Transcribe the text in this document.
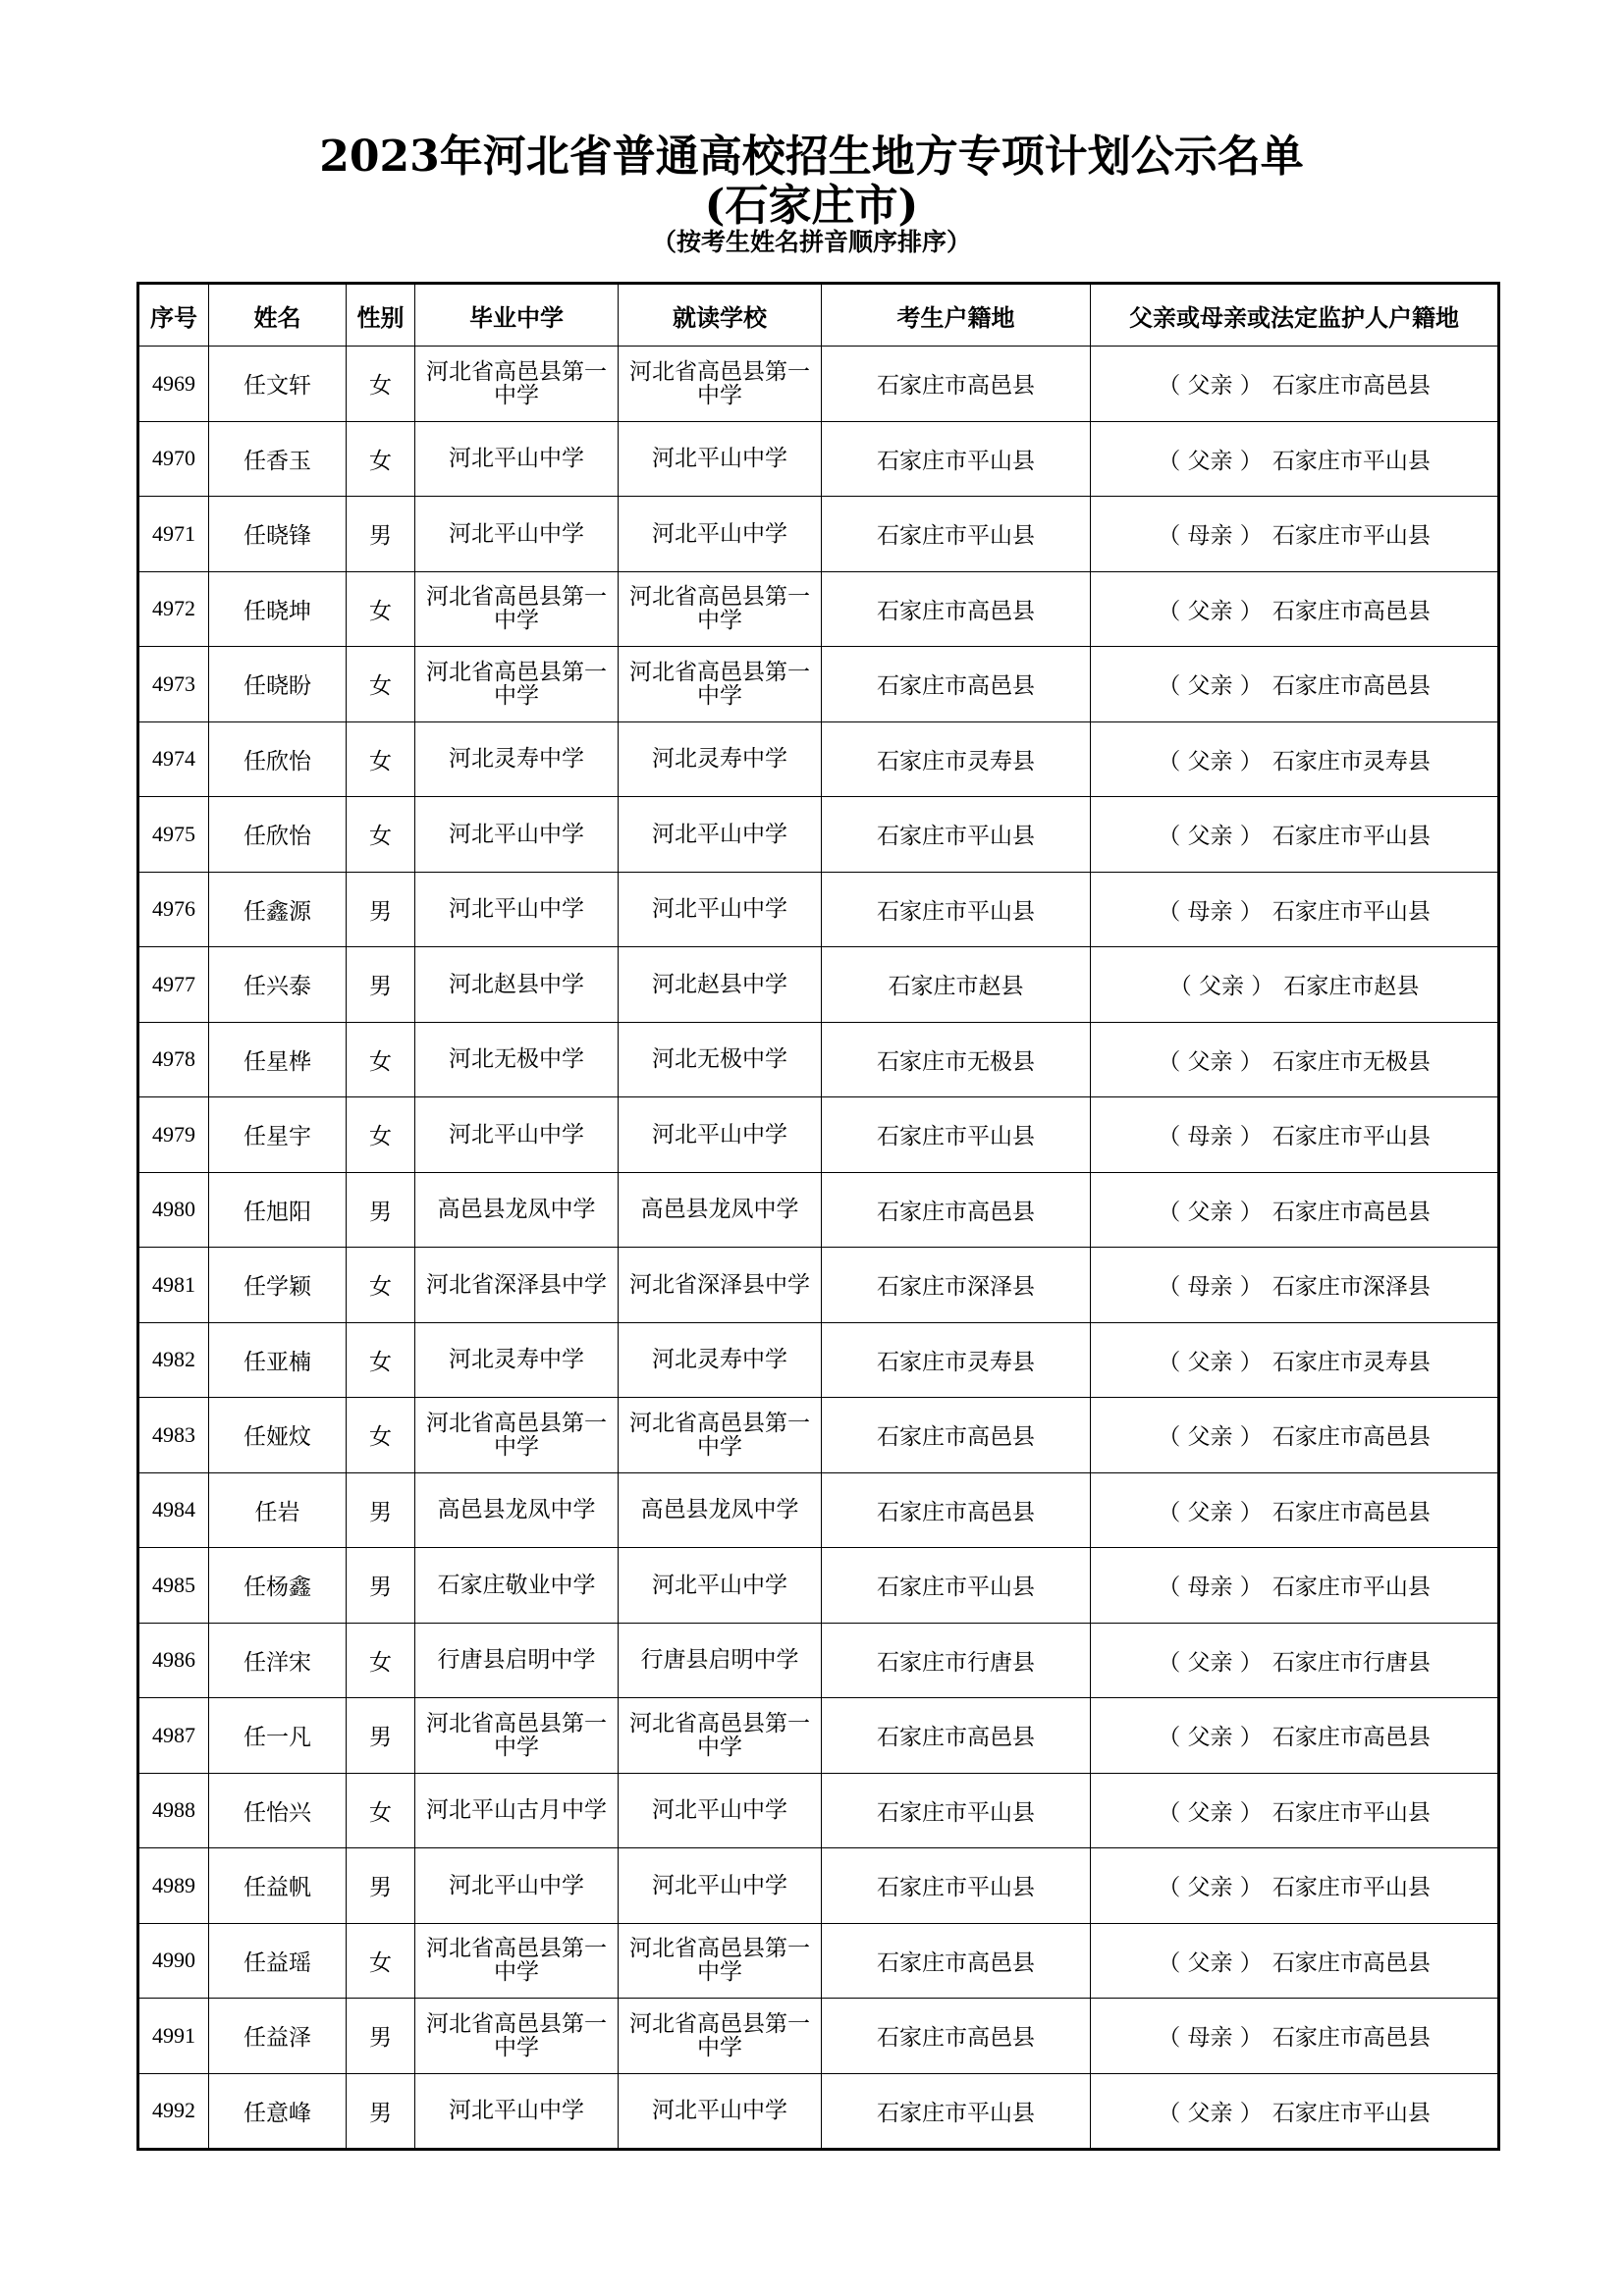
2023年河北省普通高校招生地方专项计划公示名单
(石家庄市)
（按考生姓名拼音顺序排序）
序号	姓名	性别	毕业中学	就读学校	考生户籍地	父亲或母亲或法定监护人户籍地
4969	任文轩	女	河北省高邑县第一中学	河北省高邑县第一中学	石家庄市高邑县	（ 父亲 ） 石家庄市高邑县
4970	任香玉	女	河北平山中学	河北平山中学	石家庄市平山县	（ 父亲 ） 石家庄市平山县
4971	任晓锋	男	河北平山中学	河北平山中学	石家庄市平山县	（ 母亲 ） 石家庄市平山县
4972	任晓坤	女	河北省高邑县第一中学	河北省高邑县第一中学	石家庄市高邑县	（ 父亲 ） 石家庄市高邑县
4973	任晓盼	女	河北省高邑县第一中学	河北省高邑县第一中学	石家庄市高邑县	（ 父亲 ） 石家庄市高邑县
4974	任欣怡	女	河北灵寿中学	河北灵寿中学	石家庄市灵寿县	（ 父亲 ） 石家庄市灵寿县
4975	任欣怡	女	河北平山中学	河北平山中学	石家庄市平山县	（ 父亲 ） 石家庄市平山县
4976	任鑫源	男	河北平山中学	河北平山中学	石家庄市平山县	（ 母亲 ） 石家庄市平山县
4977	任兴泰	男	河北赵县中学	河北赵县中学	石家庄市赵县	（ 父亲 ） 石家庄市赵县
4978	任星桦	女	河北无极中学	河北无极中学	石家庄市无极县	（ 父亲 ） 石家庄市无极县
4979	任星宇	女	河北平山中学	河北平山中学	石家庄市平山县	（ 母亲 ） 石家庄市平山县
4980	任旭阳	男	高邑县龙凤中学	高邑县龙凤中学	石家庄市高邑县	（ 父亲 ） 石家庄市高邑县
4981	任学颖	女	河北省深泽县中学	河北省深泽县中学	石家庄市深泽县	（ 母亲 ） 石家庄市深泽县
4982	任亚楠	女	河北灵寿中学	河北灵寿中学	石家庄市灵寿县	（ 父亲 ） 石家庄市灵寿县
4983	任娅炆	女	河北省高邑县第一中学	河北省高邑县第一中学	石家庄市高邑县	（ 父亲 ） 石家庄市高邑县
4984	任岩	男	高邑县龙凤中学	高邑县龙凤中学	石家庄市高邑县	（ 父亲 ） 石家庄市高邑县
4985	任杨鑫	男	石家庄敬业中学	河北平山中学	石家庄市平山县	（ 母亲 ） 石家庄市平山县
4986	任洋宋	女	行唐县启明中学	行唐县启明中学	石家庄市行唐县	（ 父亲 ） 石家庄市行唐县
4987	任一凡	男	河北省高邑县第一中学	河北省高邑县第一中学	石家庄市高邑县	（ 父亲 ） 石家庄市高邑县
4988	任怡兴	女	河北平山古月中学	河北平山中学	石家庄市平山县	（ 父亲 ） 石家庄市平山县
4989	任益帆	男	河北平山中学	河北平山中学	石家庄市平山县	（ 父亲 ） 石家庄市平山县
4990	任益瑶	女	河北省高邑县第一中学	河北省高邑县第一中学	石家庄市高邑县	（ 父亲 ） 石家庄市高邑县
4991	任益泽	男	河北省高邑县第一中学	河北省高邑县第一中学	石家庄市高邑县	（ 母亲 ） 石家庄市高邑县
4992	任意峰	男	河北平山中学	河北平山中学	石家庄市平山县	（ 父亲 ） 石家庄市平山县
